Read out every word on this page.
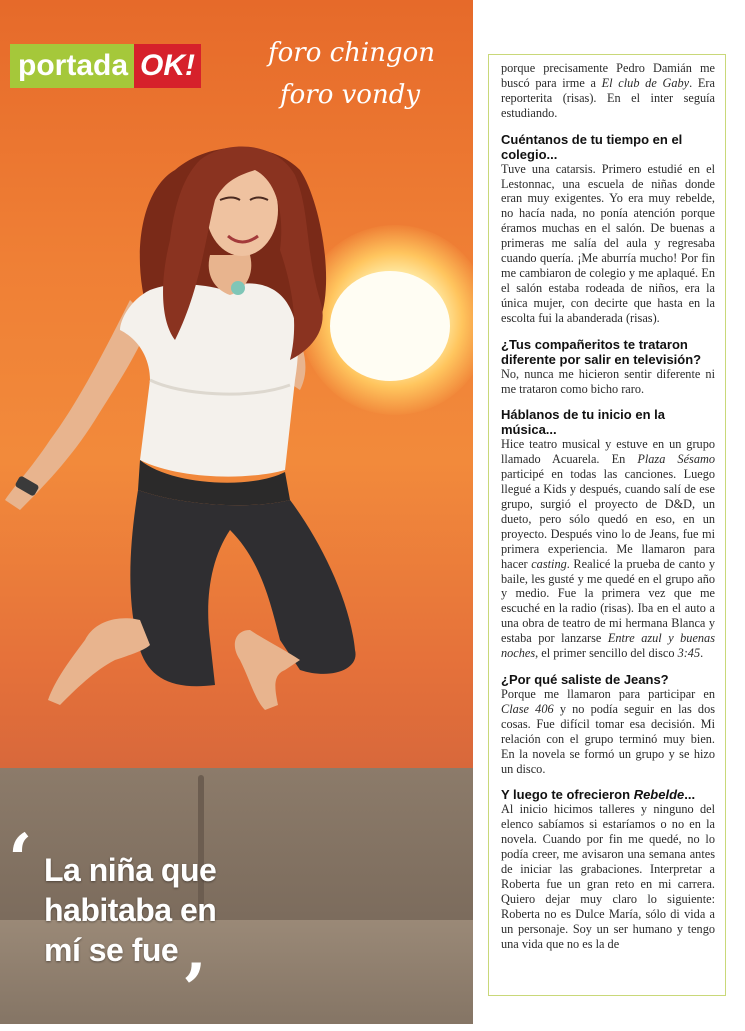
portada OK!	foro chingon
foro vondy
‘ La niña que habitaba en mí se fue ’

porque precisamente Pedro Damián me buscó para irme a El club de Gaby. Era reporterita (risas). En el inter seguía estudiando.

Cuéntanos de tu tiempo en el colegio...

Tuve una catarsis. Primero estudié en el Lestonnac, una escuela de niñas donde eran muy exigentes. Yo era muy rebelde, no hacía nada, no ponía atención porque éramos muchas en el salón. De buenas a primeras me salía del aula y regresaba cuando quería. ¡Me aburría mucho! Por fin me cambiaron de colegio y me aplaqué. En el salón estaba rodeada de niños, era la única mujer, con decirte que hasta en la escolta fui la abanderada (risas).

¿Tus compañeritos te trataron diferente por salir en televisión?

No, nunca me hicieron sentir diferente ni me trataron como bicho raro.

Háblanos de tu inicio en la música...

Hice teatro musical y estuve en un grupo llamado Acuarela. En Plaza Sésamo participé en todas las canciones. Luego llegué a Kids y después, cuando salí de ese grupo, surgió el proyecto de D&D, un dueto, pero sólo quedó en eso, en un proyecto. Después vino lo de Jeans, fue mi primera experiencia. Me llamaron para hacer casting. Realicé la prueba de canto y baile, les gusté y me quedé en el grupo año y medio. Fue la primera vez que me escuché en la radio (risas). Iba en el auto a una obra de teatro de mi hermana Blanca y estaba por lanzarse Entre azul y buenas noches, el primer sencillo del disco 3:45.

¿Por qué saliste de Jeans?

Porque me llamaron para participar en Clase 406 y no podía seguir en las dos cosas. Fue difícil tomar esa decisión. Mi relación con el grupo terminó muy bien. En la novela se formó un grupo y se hizo un disco.

Y luego te ofrecieron Rebelde...

Al inicio hicimos talleres y ninguno del elenco sabíamos si estaríamos o no en la novela. Cuando por fin me quedé, no lo podía creer, me avisaron una semana antes de iniciar las grabaciones. Interpretar a Roberta fue un gran reto en mi carrera. Quiero dejar muy claro lo siguiente: Roberta no es Dulce María, sólo di vida a un personaje. Soy un ser humano y tengo una vida que no es la de
